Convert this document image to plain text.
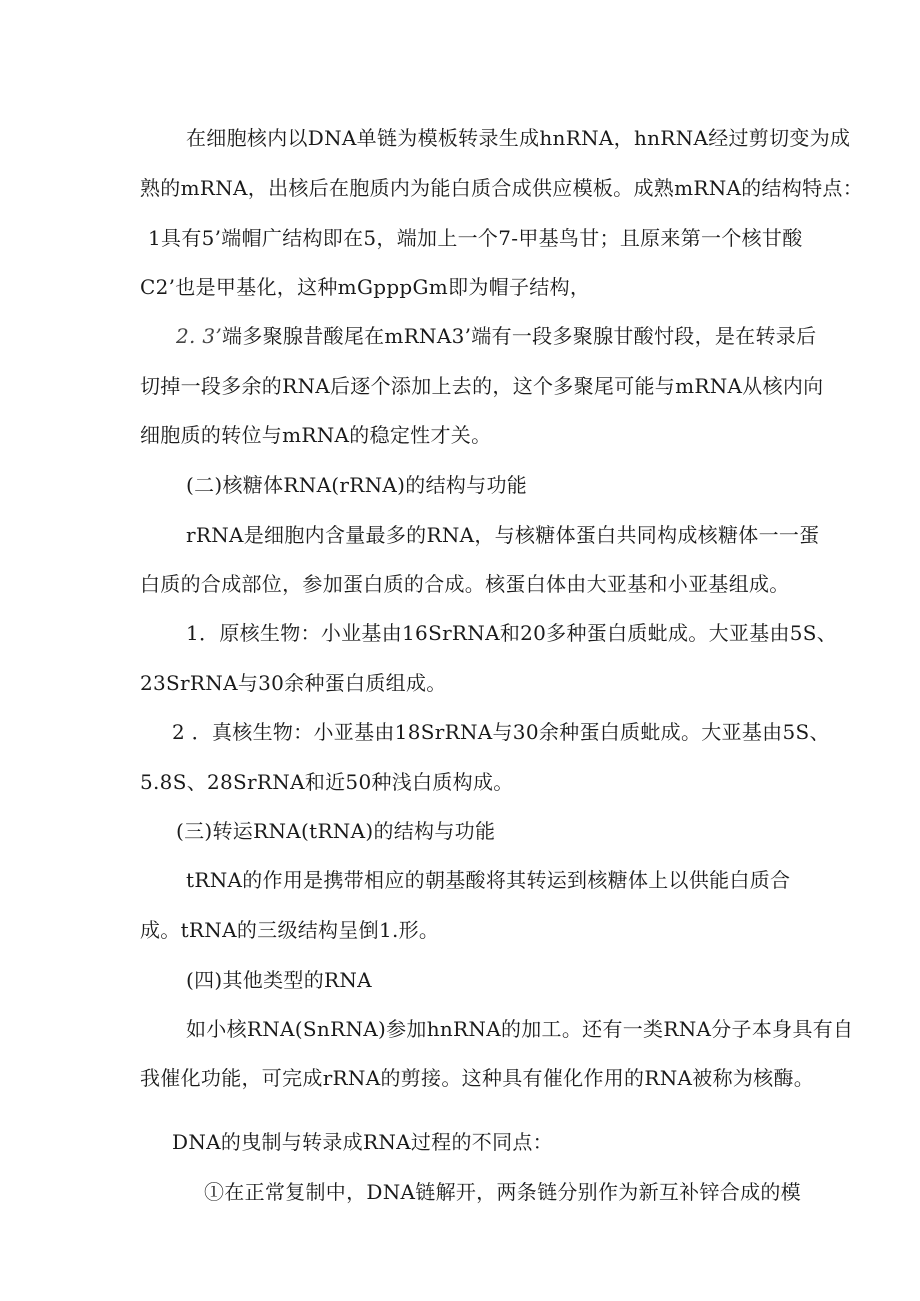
在细胞核内以DNA单链为模板转录生成hnRNA，hnRNA经过剪切变为成
熟的mRNA，出核后在胞质内为能白质合成供应模板。成熟mRNA的结构特点：
1具有5’端帽广结构即在5，端加上一个7-甲基鸟甘；且原来第一个核甘酸
C2’也是甲基化，这种mGpppGm即为帽子结构，
2. 3’端多聚腺昔酸尾在mRNA3’端有一段多聚腺甘酸忖段，是在转录后
切掉一段多余的RNA后逐个添加上去的，这个多聚尾可能与mRNA从核内向
细胞质的转位与mRNA的稳定性才关。
(二)核糖体RNA(rRNA)的结构与功能
rRNA是细胞内含量最多的RNA，与核糖体蛋白共同构成核糖体一一蛋
白质的合成部位，参加蛋白质的合成。核蛋白体由大亚基和小亚基组成。
1．原核生物：小业基由16SrRNA和20多种蛋白质蚍成。大亚基由5S、
23SrRNA与30余种蛋白质组成。
2 ．真核生物：小亚基由18SrRNA与30余种蛋白质蚍成。大亚基由5S、
5.8S、28SrRNA和近50种浅白质构成。
(三)转运RNA(tRNA)的结构与功能
tRNA的作用是携带相应的朝基酸将其转运到核糖体上以供能白质合
成。tRNA的三级结构呈倒1.形。
(四)其他类型的RNA
如小核RNA(SnRNA)参加hnRNA的加工。还有一类RNA分子本身具有自
我催化功能，可完成rRNA的剪接。这种具有催化作用的RNA被称为核酶。
DNA的曳制与转录成RNA过程的不同点：
①在正常复制中，DNA链解开，两条链分别作为新互补锌合成的模
